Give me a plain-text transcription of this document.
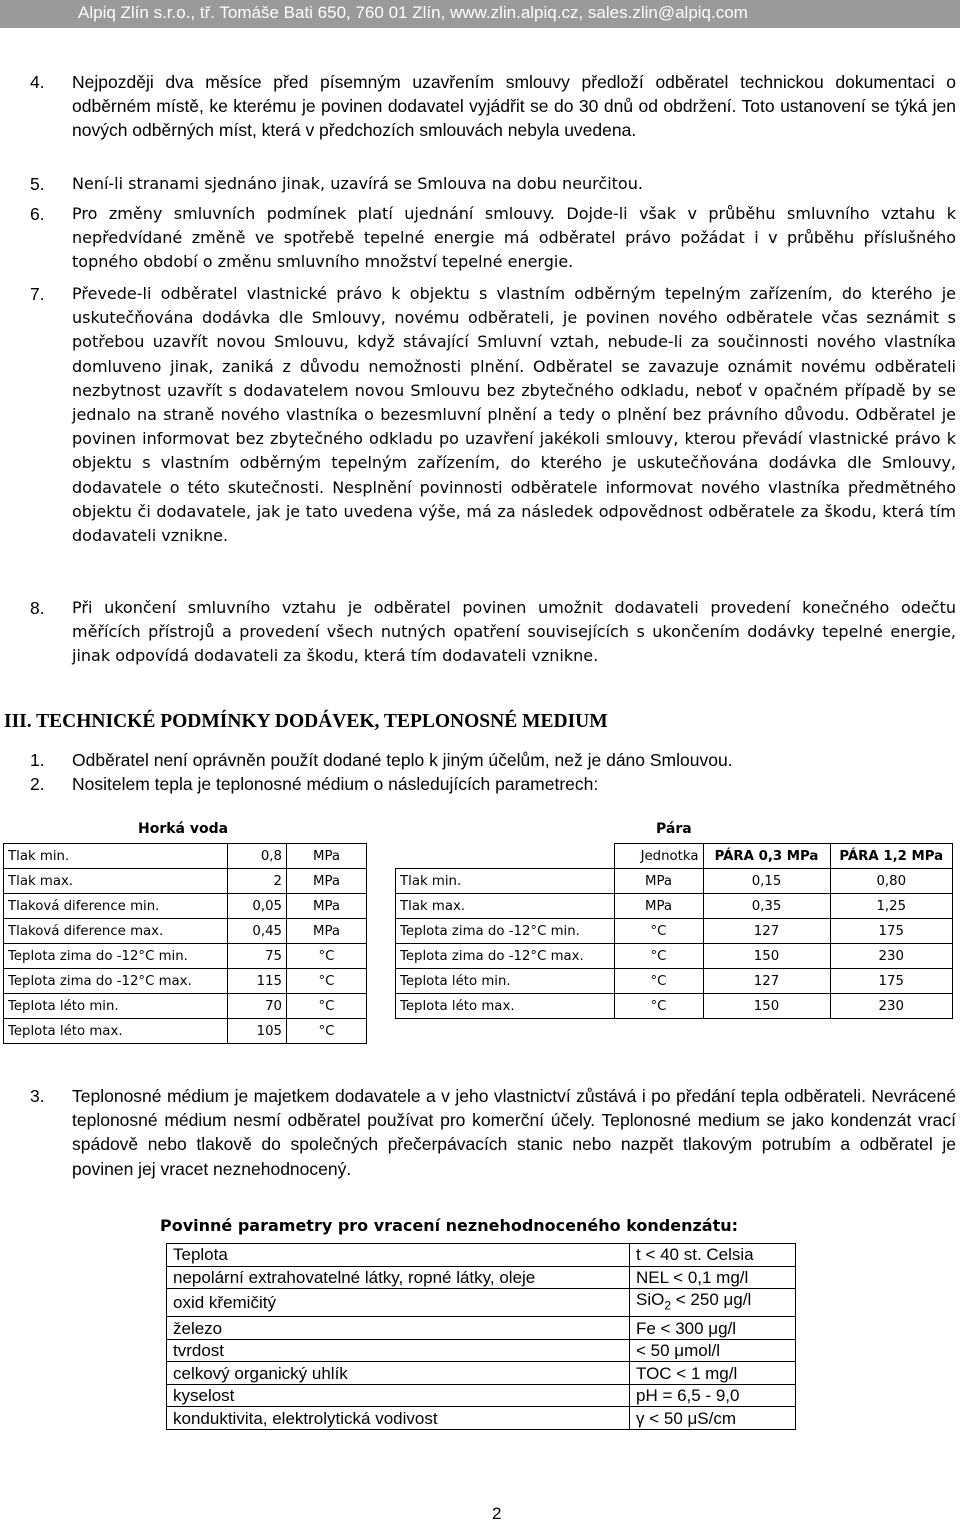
Alpiq Zlín s.r.o., tř. Tomáše Bati 650, 760 01 Zlín, www.zlin.alpiq.cz, sales.zlin@alpiq.com
4. Nejpozději dva měsíce před písemným uzavřením smlouvy předloží odběratel technickou dokumentaci o odběrném místě, ke kterému je povinen dodavatel vyjádřit se do 30 dnů od obdržení. Toto ustanovení se týká jen nových odběrných míst, která v předchozích smlouvách nebyla uvedena.
5. Není-li stranami sjednáno jinak, uzavírá se Smlouva na dobu neurčitou.
6. Pro změny smluvních podmínek platí ujednání smlouvy. Dojde-li však v průběhu smluvního vztahu k nepředvídané změně ve spotřebě tepelné energie má odběratel právo požádat i v průběhu příslušného topného období o změnu smluvního množství tepelné energie.
7. Převede-li odběratel vlastnické právo k objektu s vlastním odběrným tepelným zařízením, do kterého je uskutečňována dodávka dle Smlouvy, novému odběrateli, je povinen nového odběratele včas seznámit s potřebou uzavřít novou Smlouvu, když stávající Smluvní vztah, nebude-li za součinnosti nového vlastníka domluveno jinak, zaniká z důvodu nemožnosti plnění. Odběratel se zavazuje oznámit novému odběrateli nezbytnost uzavřít s dodavatelem novou Smlouvu bez zbytečného odkladu, neboť v opačném případě by se jednalo na straně nového vlastníka o bezesmluvní plnění a tedy o plnění bez právního důvodu. Odběratel je povinen informovat bez zbytečného odkladu po uzavření jakékoli smlouvy, kterou převádí vlastnické právo k objektu s vlastním odběrným tepelným zařízením, do kterého je uskutečňována dodávka dle Smlouvy, dodavatele o této skutečnosti. Nesplnění povinnosti odběratele informovat nového vlastníka předmětného objektu či dodavatele, jak je tato uvedena výše, má za následek odpovědnost odběratele za škodu, která tím dodavateli vznikne.
8. Při ukončení smluvního vztahu je odběratel povinen umožnit dodavateli provedení konečného odečtu měřících přístrojů a provedení všech nutných opatření souvisejících s ukončením dodávky tepelné energie, jinak odpovídá dodavateli za škodu, která tím dodavateli vznikne.
III. TECHNICKÉ PODMÍNKY DODÁVEK, TEPLONOSNÉ MEDIUM
1. Odběratel není oprávněn použít dodané teplo k jiným účelům, než je dáno Smlouvou.
2. Nositelem tepla je teplonosné médium o následujících parametrech:
Horká voda
Tlak min.	0,8	MPa
Tlak max.	2	MPa
Tlaková diference min.	0,05	MPa
Tlaková diference max.	0,45	MPa
Teplota zima do -12°C min.	75	°C
Teplota zima do -12°C max.	115	°C
Teplota léto min.	70	°C
Teplota léto max.	105	°C
Pára
	Jednotka	PÁRA 0,3 MPa	PÁRA 1,2 MPa
Tlak min.	MPa	0,15	0,80
Tlak max.	MPa	0,35	1,25
Teplota zima do -12°C min.	°C	127	175
Teplota zima do -12°C max.	°C	150	230
Teplota léto min.	°C	127	175
Teplota léto max.	°C	150	230
3. Teplonosné médium je majetkem dodavatele a v jeho vlastnictví zůstává i po předání tepla odběrateli. Nevrácené teplonosné médium nesmí odběratel používat pro komerční účely. Teplonosné medium se jako kondenzát vrací spádově nebo tlakově do společných přečerpávacích stanic nebo nazpět tlakovým potrubím a odběratel je povinen jej vracet neznehodnocený.
Povinné parametry pro vracení neznehodnoceného kondenzátu:
Teplota	t < 40 st. Celsia
nepolární extrahovatelné látky, ropné látky, oleje	NEL < 0,1 mg/l
oxid křemičitý	SiO$_2$ < 250 μg/l
železo	Fe < 300 μg/l
tvrdost	< 50 μmol/l
celkový organický uhlík	TOC < 1 mg/l
kyselost	pH = 6,5 - 9,0
konduktivita, elektrolytická vodivost	γ < 50 μS/cm
2
